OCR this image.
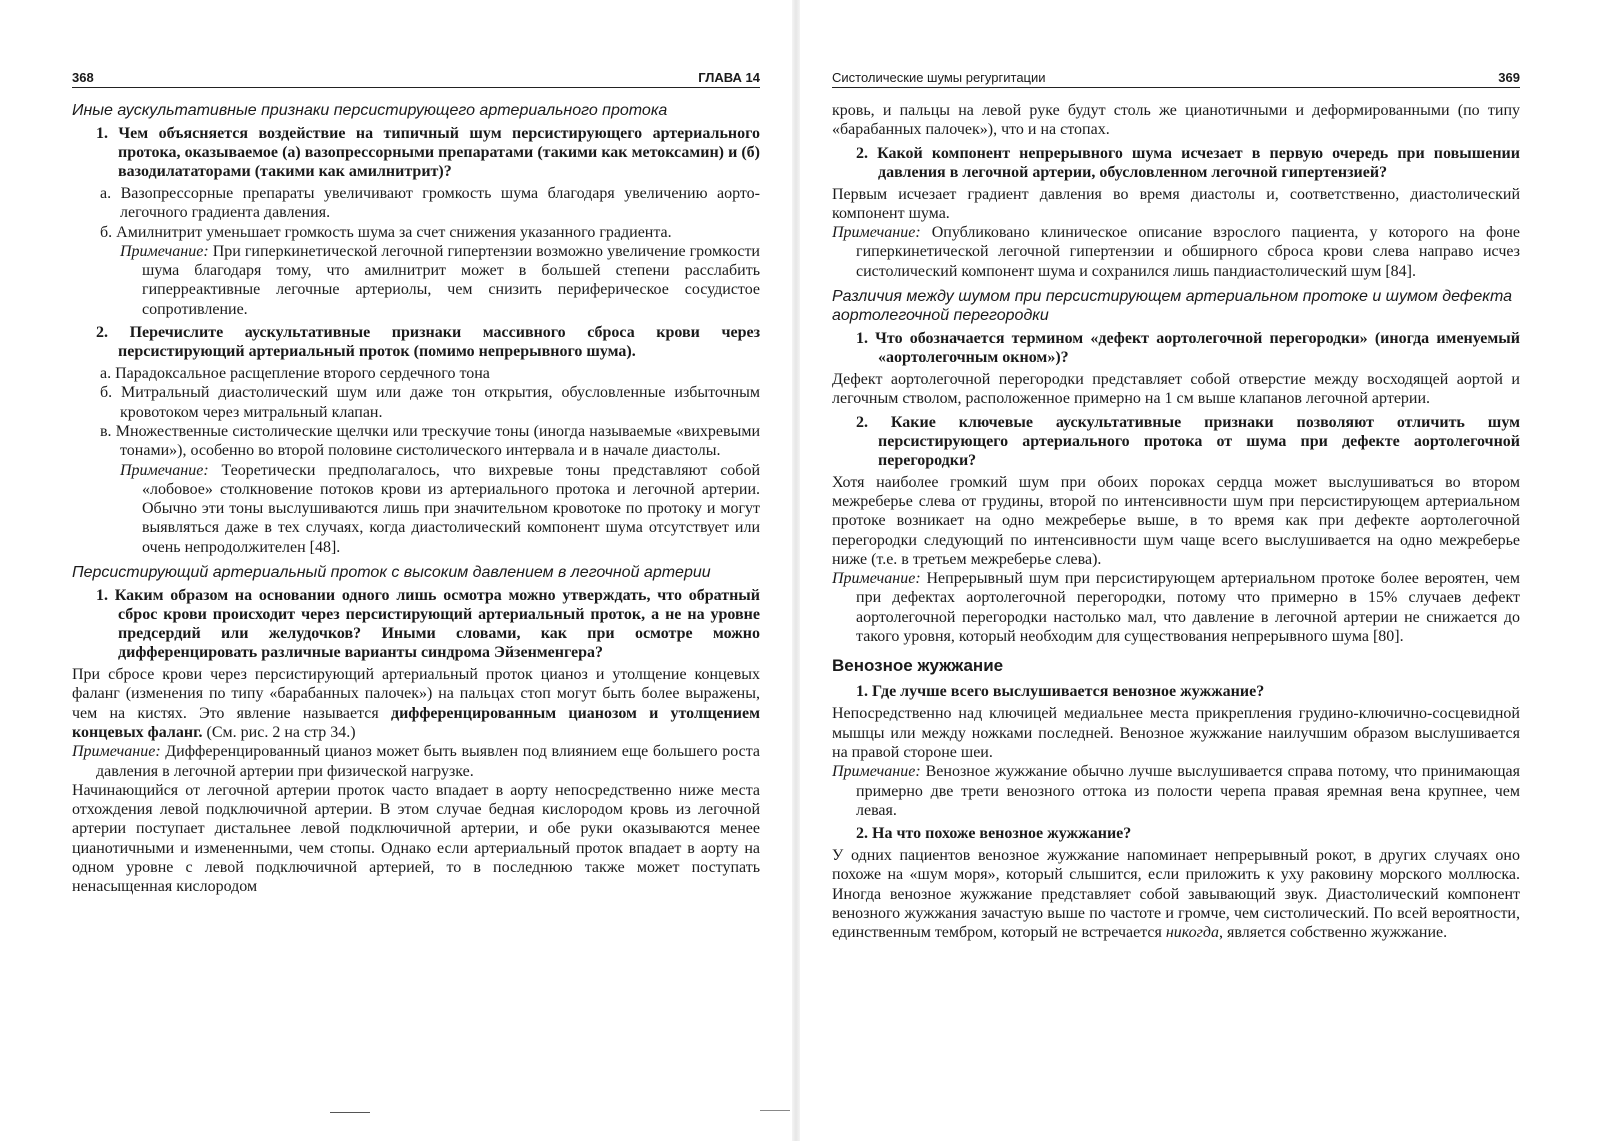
368	ГЛАВА 14
Иные аускультативные признаки персистирующего артериального протока

1. Чем объясняется воздействие на типичный шум персистирующего артериального протока, оказываемое (а) вазопрессорными препаратами (такими как метоксамин) и (б) вазодилататорами (такими как амилнитрит)?

а. Вазопрессорные препараты увеличивают громкость шума благодаря увеличению аорто-легочного градиента давления.

б. Амилнитрит уменьшает громкость шума за счет снижения указанного градиента.

Примечание: При гиперкинетической легочной гипертензии возможно увеличение громкости шума благодаря тому, что амилнитрит может в большей степени расслабить гиперреактивные легочные артериолы, чем снизить периферическое сосудистое сопротивление.

2. Перечислите аускультативные признаки массивного сброса крови через персистирующий артериальный проток (помимо непрерывного шума).

а. Парадоксальное расщепление второго сердечного тона

б. Митральный диастолический шум или даже тон открытия, обусловленные избыточным кровотоком через митральный клапан.

в. Множественные систолические щелчки или трескучие тоны (иногда называемые «вихревыми тонами»), особенно во второй половине систолического интервала и в начале диастолы.

Примечание: Теоретически предполагалось, что вихревые тоны представляют собой «лобовое» столкновение потоков крови из артериального протока и легочной артерии. Обычно эти тоны выслушиваются лишь при значительном кровотоке по протоку и могут выявляться даже в тех случаях, когда диастолический компонент шума отсутствует или очень непродолжителен [48].

Персистирующий артериальный проток с высоким давлением в легочной артерии

1. Каким образом на основании одного лишь осмотра можно утверждать, что обратный сброс крови происходит через персистирующий артериальный проток, а не на уровне предсердий или желудочков? Иными словами, как при осмотре можно дифференцировать различные варианты синдрома Эйзенменгера?

При сбросе крови через персистирующий артериальный проток цианоз и утолщение концевых фаланг (изменения по типу «барабанных палочек») на пальцах стоп могут быть более выражены, чем на кистях. Это явление называется дифференцированным цианозом и утолщением концевых фаланг. (См. рис. 2 на стр 34.)

Примечание: Дифференцированный цианоз может быть выявлен под влиянием еще большего роста давления в легочной артерии при физической нагрузке.

Начинающийся от легочной артерии проток часто впадает в аорту непосредственно ниже места отхождения левой подключичной артерии. В этом случае бедная кислородом кровь из легочной артерии поступает дистальнее левой подключичной артерии, и обе руки оказываются менее цианотичными и измененными, чем стопы. Однако если артериальный проток впадает в аорту на одном уровне с левой подключичной артерией, то в последнюю также может поступать ненасыщенная кислородом

Систолические шумы регургитации	369

кровь, и пальцы на левой руке будут столь же цианотичными и деформированными (по типу «барабанных палочек»), что и на стопах.

2. Какой компонент непрерывного шума исчезает в первую очередь при повышении давления в легочной артерии, обусловленном легочной гипертензией?

Первым исчезает градиент давления во время диастолы и, соответственно, диастолический компонент шума.

Примечание: Опубликовано клиническое описание взрослого пациента, у которого на фоне гиперкинетической легочной гипертензии и обширного сброса крови слева направо исчез систолический компонент шума и сохранился лишь пандиастолический шум [84].

Различия между шумом при персистирующем артериальном протоке и шумом дефекта аортолегочной перегородки

1. Что обозначается термином «дефект аортолегочной перегородки» (иногда именуемый «аортолегочным окном»)?

Дефект аортолегочной перегородки представляет собой отверстие между восходящей аортой и легочным стволом, расположенное примерно на 1 см выше клапанов легочной артерии.

2. Какие ключевые аускультативные признаки позволяют отличить шум персистирующего артериального протока от шума при дефекте аортолегочной перегородки?

Хотя наиболее громкий шум при обоих пороках сердца может выслушиваться во втором межреберье слева от грудины, второй по интенсивности шум при персистирующем артериальном протоке возникает на одно межреберье выше, в то время как при дефекте аортолегочной перегородки следующий по интенсивности шум чаще всего выслушивается на одно межреберье ниже (т.е. в третьем межреберье слева).

Примечание: Непрерывный шум при персистирующем артериальном протоке более вероятен, чем при дефектах аортолегочной перегородки, потому что примерно в 15% случаев дефект аортолегочной перегородки настолько мал, что давление в легочной артерии не снижается до такого уровня, который необходим для существования непрерывного шума [80].

Венозное жужжание

1. Где лучше всего выслушивается венозное жужжание?

Непосредственно над ключицей медиальнее места прикрепления грудино-ключично-сосцевидной мышцы или между ножками последней. Венозное жужжание наилучшим образом выслушивается на правой стороне шеи.

Примечание: Венозное жужжание обычно лучше выслушивается справа потому, что принимающая примерно две трети венозного оттока из полости черепа правая яремная вена крупнее, чем левая.

2. На что похоже венозное жужжание?

У одних пациентов венозное жужжание напоминает непрерывный рокот, в других случаях оно похоже на «шум моря», который слышится, если приложить к уху раковину морского моллюска. Иногда венозное жужжание представляет собой завывающий звук. Диастолический компонент венозного жужжания зачастую выше по частоте и громче, чем систолический. По всей вероятности, единственным тембром, который не встречается никогда, является собственно жужжание.
